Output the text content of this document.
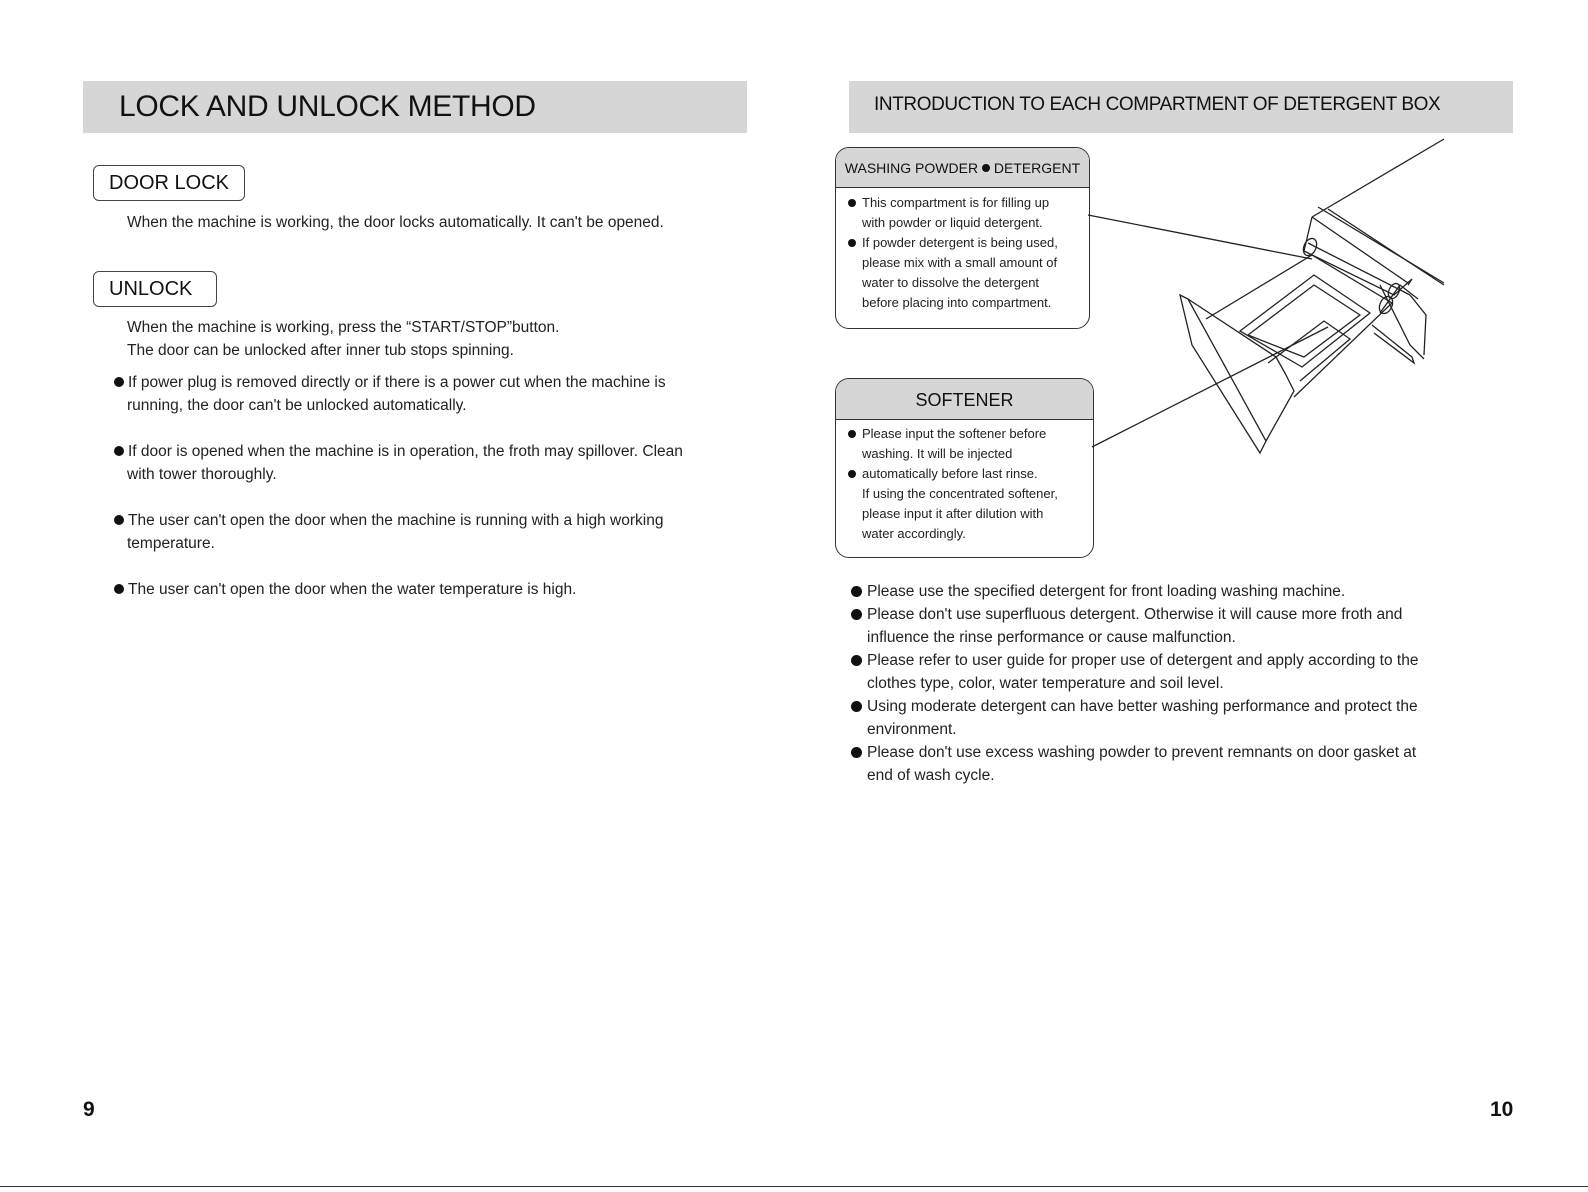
LOCK AND UNLOCK METHOD
DOOR LOCK
When the machine is working, the door locks automatically. It can't be opened.
UNLOCK
When the machine is working, press the “START/STOP”button.
The door can be unlocked after inner tub stops spinning.
If power plug is removed directly or if there is a power cut when the machine is
running, the door can't be unlocked automatically.
If door is opened when the machine is in operation, the froth may spillover. Clean
with tower thoroughly.
The user can't open the door when the machine is running with a high working
temperature.
The user can't open the door when the water temperature is high.
9
INTRODUCTION TO EACH COMPARTMENT OF DETERGENT BOX
WASHING POWDER DETERGENT
This compartment is for filling up
with powder or liquid detergent.
If powder detergent is being used,
please mix with a small amount of
water to dissolve the detergent
before placing into compartment.
SOFTENER
Please input the softener before
washing. It will be injected
automatically before last rinse.
If using the concentrated softener,
please input it after dilution with
water accordingly.
Please use the specified detergent for front loading washing machine.
Please don't use superfluous detergent. Otherwise it will cause more froth and
influence the rinse performance or cause malfunction.
Please refer to user guide for proper use of detergent and apply according to the
clothes type, color, water temperature and soil level.
Using moderate detergent can have better washing performance and protect the
environment.
Please don't use excess washing powder to prevent remnants on door gasket at
end of wash cycle.
10
